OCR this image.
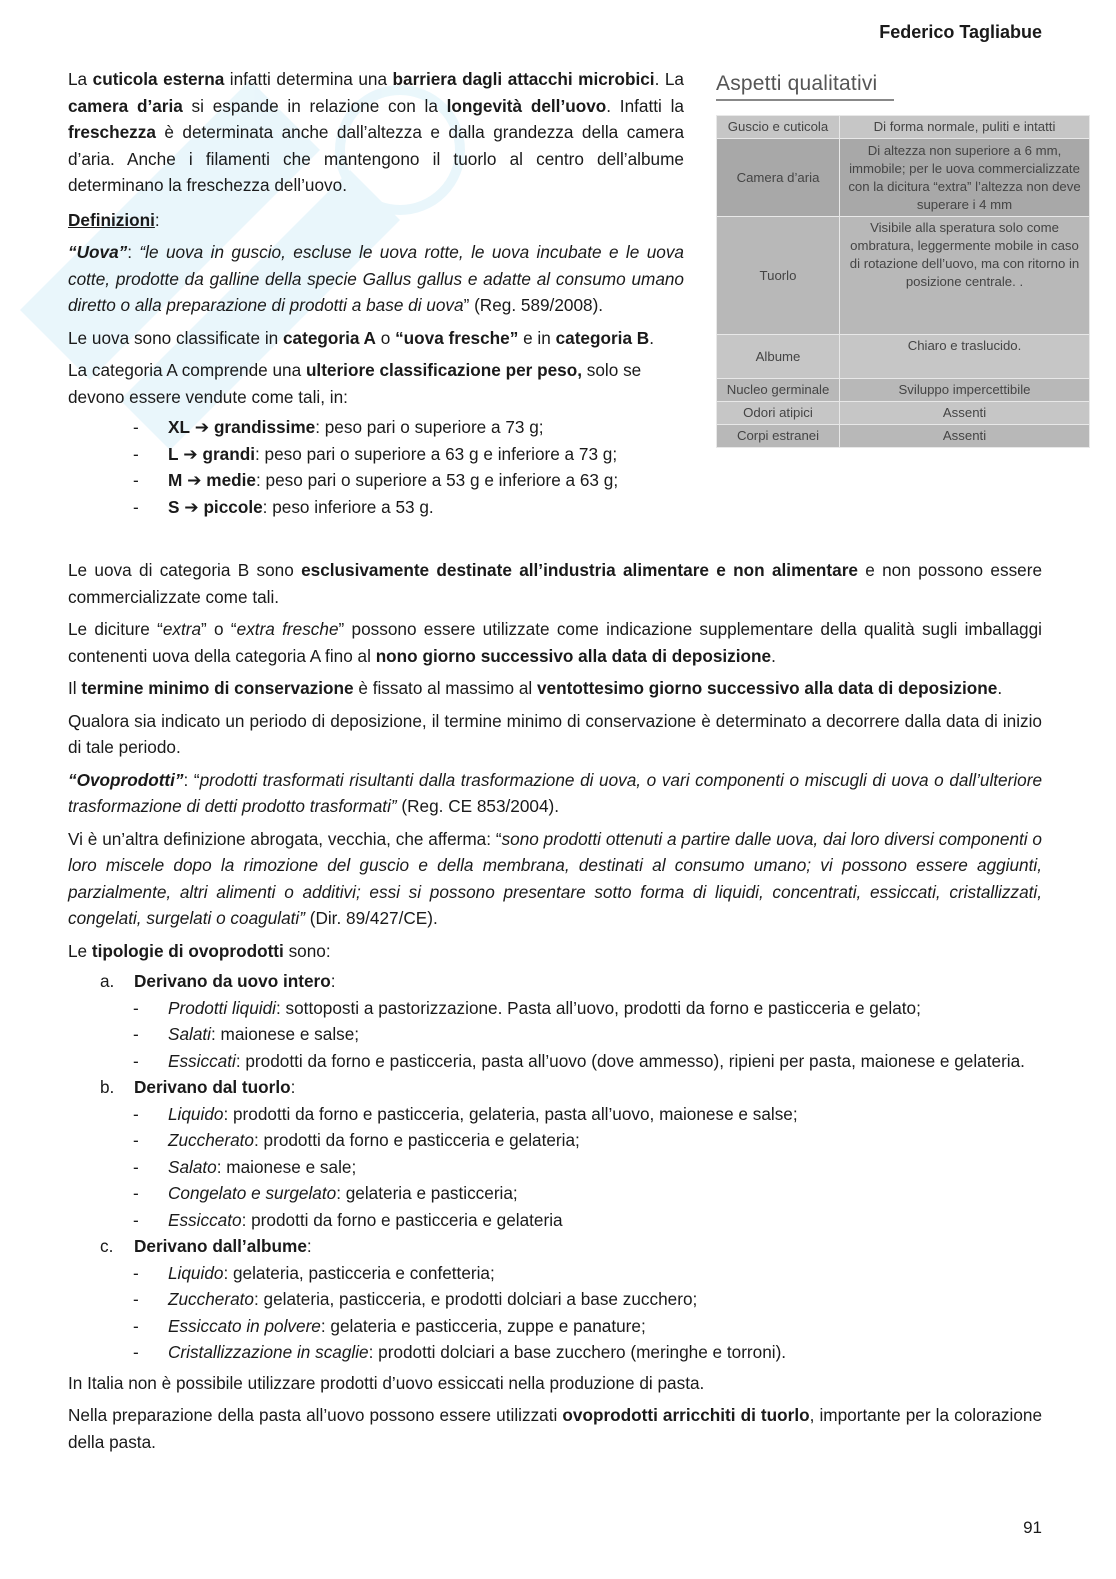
Federico Tagliabue

La cuticola esterna infatti determina una barriera dagli attacchi microbici. La camera d’aria si espande in relazione con la longevità dell’uovo. Infatti la freschezza è determinata anche dall’altezza e dalla grandezza della camera d’aria. Anche i filamenti che mantengono il tuorlo al centro dell’albume determinano la freschezza dell’uovo.

Definizioni:

“Uova”: “le uova in guscio, escluse le uova rotte, le uova incubate e le uova cotte, prodotte da galline della specie Gallus gallus e adatte al consumo umano diretto o alla preparazione di prodotti a base di uova” (Reg. 589/2008).

Le uova sono classificate in categoria A o “uova fresche” e in categoria B.

La categoria A comprende una ulteriore classificazione per peso, solo se devono essere vendute come tali, in:

- XL ➔ grandissime: peso pari o superiore a 73 g;
- L ➔ grandi: peso pari o superiore a 63 g e inferiore a 73 g;
- M ➔ medie: peso pari o superiore a 53 g e inferiore a 63 g;
- S ➔ piccole: peso inferiore a 53 g.
Aspetti qualitativi
Guscio e cuticola	Di forma normale, puliti e intatti
Camera d’aria	Di altezza non superiore a 6 mm, immobile; per le uova commercializzate con la dicitura “extra” l’altezza non deve superare i 4 mm
Tuorlo	Visibile alla speratura solo come ombratura, leggermente mobile in caso di rotazione dell’uovo, ma con ritorno in posizione centrale. .
Albume	Chiaro e traslucido.
Nucleo germinale	Sviluppo impercettibile
Odori atipici	Assenti
Corpi estranei	Assenti

Le uova di categoria B sono esclusivamente destinate all’industria alimentare e non alimentare e non possono essere commercializzate come tali.

Le diciture “extra” o “extra fresche” possono essere utilizzate come indicazione supplementare della qualità sugli imballaggi contenenti uova della categoria A fino al nono giorno successivo alla data di deposizione.

Il termine minimo di conservazione è fissato al massimo al ventottesimo giorno successivo alla data di deposizione.

Qualora sia indicato un periodo di deposizione, il termine minimo di conservazione è determinato a decorrere dalla data di inizio di tale periodo.

“Ovoprodotti”: “prodotti trasformati risultanti dalla trasformazione di uova, o vari componenti o miscugli di uova o dall’ulteriore trasformazione di detti prodotto trasformati” (Reg. CE 853/2004).

Vi è un’altra definizione abrogata, vecchia, che afferma: “sono prodotti ottenuti a partire dalle uova, dai loro diversi componenti o loro miscele dopo la rimozione del guscio e della membrana, destinati al consumo umano; vi possono essere aggiunti, parzialmente, altri alimenti o additivi; essi si possono presentare sotto forma di liquidi, concentrati, essiccati, cristallizzati, congelati, surgelati o coagulati” (Dir. 89/427/CE).

Le tipologie di ovoprodotti sono:

a. Derivano da uovo intero:

- Prodotti liquidi: sottoposti a pastorizzazione. Pasta all’uovo, prodotti da forno e pasticceria e gelato;
- Salati: maionese e salse;
- Essiccati: prodotti da forno e pasticceria, pasta all’uovo (dove ammesso), ripieni per pasta, maionese e gelateria.

b. Derivano dal tuorlo:

- Liquido: prodotti da forno e pasticceria, gelateria, pasta all’uovo, maionese e salse;
- Zuccherato: prodotti da forno e pasticceria e gelateria;
- Salato: maionese e sale;
- Congelato e surgelato: gelateria e pasticceria;
- Essiccato: prodotti da forno e pasticceria e gelateria

c. Derivano dall’albume:

- Liquido: gelateria, pasticceria e confetteria;
- Zuccherato: gelateria, pasticceria, e prodotti dolciari a base zucchero;
- Essiccato in polvere: gelateria e pasticceria, zuppe e panature;
- Cristallizzazione in scaglie: prodotti dolciari a base zucchero (meringhe e torroni).

In Italia non è possibile utilizzare prodotti d’uovo essiccati nella produzione di pasta.

Nella preparazione della pasta all’uovo possono essere utilizzati ovoprodotti arricchiti di tuorlo, importante per la colorazione della pasta.

91
